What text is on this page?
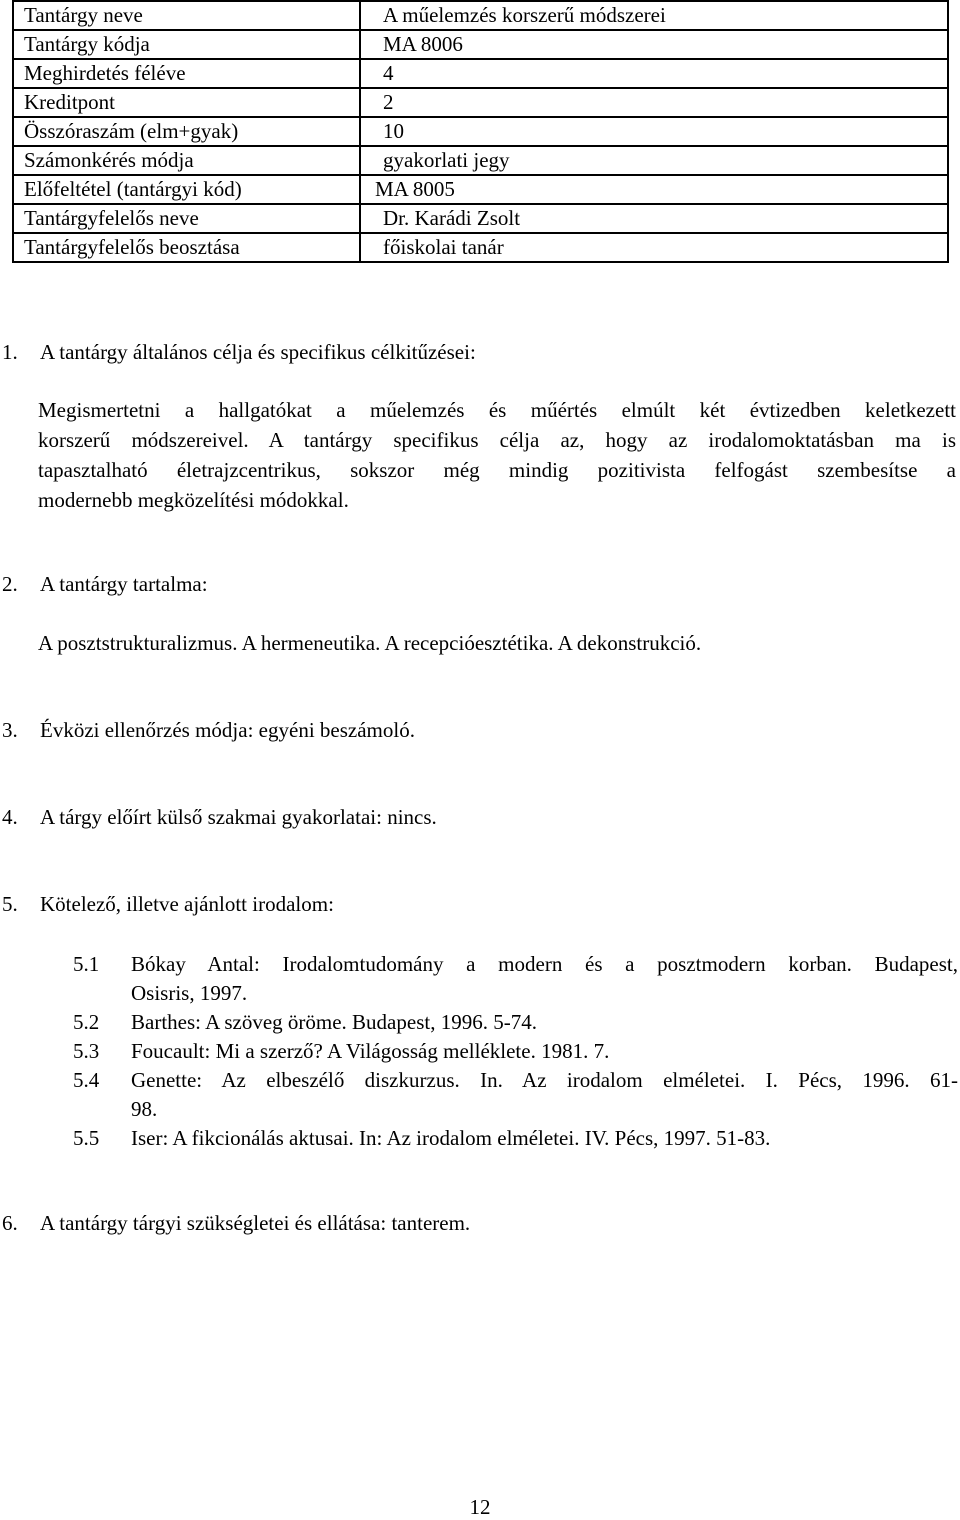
Tantárgy neve	A műelemzés korszerű módszerei
Tantárgy kódja	MA 8006
Meghirdetés féléve	4
Kreditpont	2
Összóraszám (elm+gyak)	10
Számonkérés módja	gyakorlati jegy
Előfeltétel (tantárgyi kód)	MA 8005
Tantárgyfelelős neve	Dr. Karádi Zsolt
Tantárgyfelelős beosztása	főiskolai tanár
1. A tantárgy általános célja és specifikus célkitűzései:
Megismertetni a hallgatókat a műelemzés és műértés elmúlt két évtizedben keletkezett
korszerű módszereivel. A tantárgy specifikus célja az, hogy az irodalomoktatásban ma is
tapasztalható életrajzcentrikus, sokszor még mindig pozitivista felfogást szembesítse a
modernebb megközelítési módokkal.
2. A tantárgy tartalma:
A posztstrukturalizmus. A hermeneutika. A recepcióesztétika. A dekonstrukció.
3. Évközi ellenőrzés módja: egyéni beszámoló.
4. A tárgy előírt külső szakmai gyakorlatai: nincs.
5. Kötelező, illetve ajánlott irodalom:
5.1 Bókay Antal: Irodalomtudomány a modern és a posztmodern korban. Budapest,
Osisris, 1997.
5.2 Barthes: A szöveg öröme. Budapest, 1996. 5-74.
5.3 Foucault: Mi a szerző? A Világosság melléklete. 1981. 7.
5.4 Genette: Az elbeszélő diszkurzus. In. Az irodalom elméletei. I. Pécs, 1996. 61-
98.
5.5 Iser: A fikcionálás aktusai. In: Az irodalom elméletei. IV. Pécs, 1997. 51-83.
6. A tantárgy tárgyi szükségletei és ellátása: tanterem.
12
